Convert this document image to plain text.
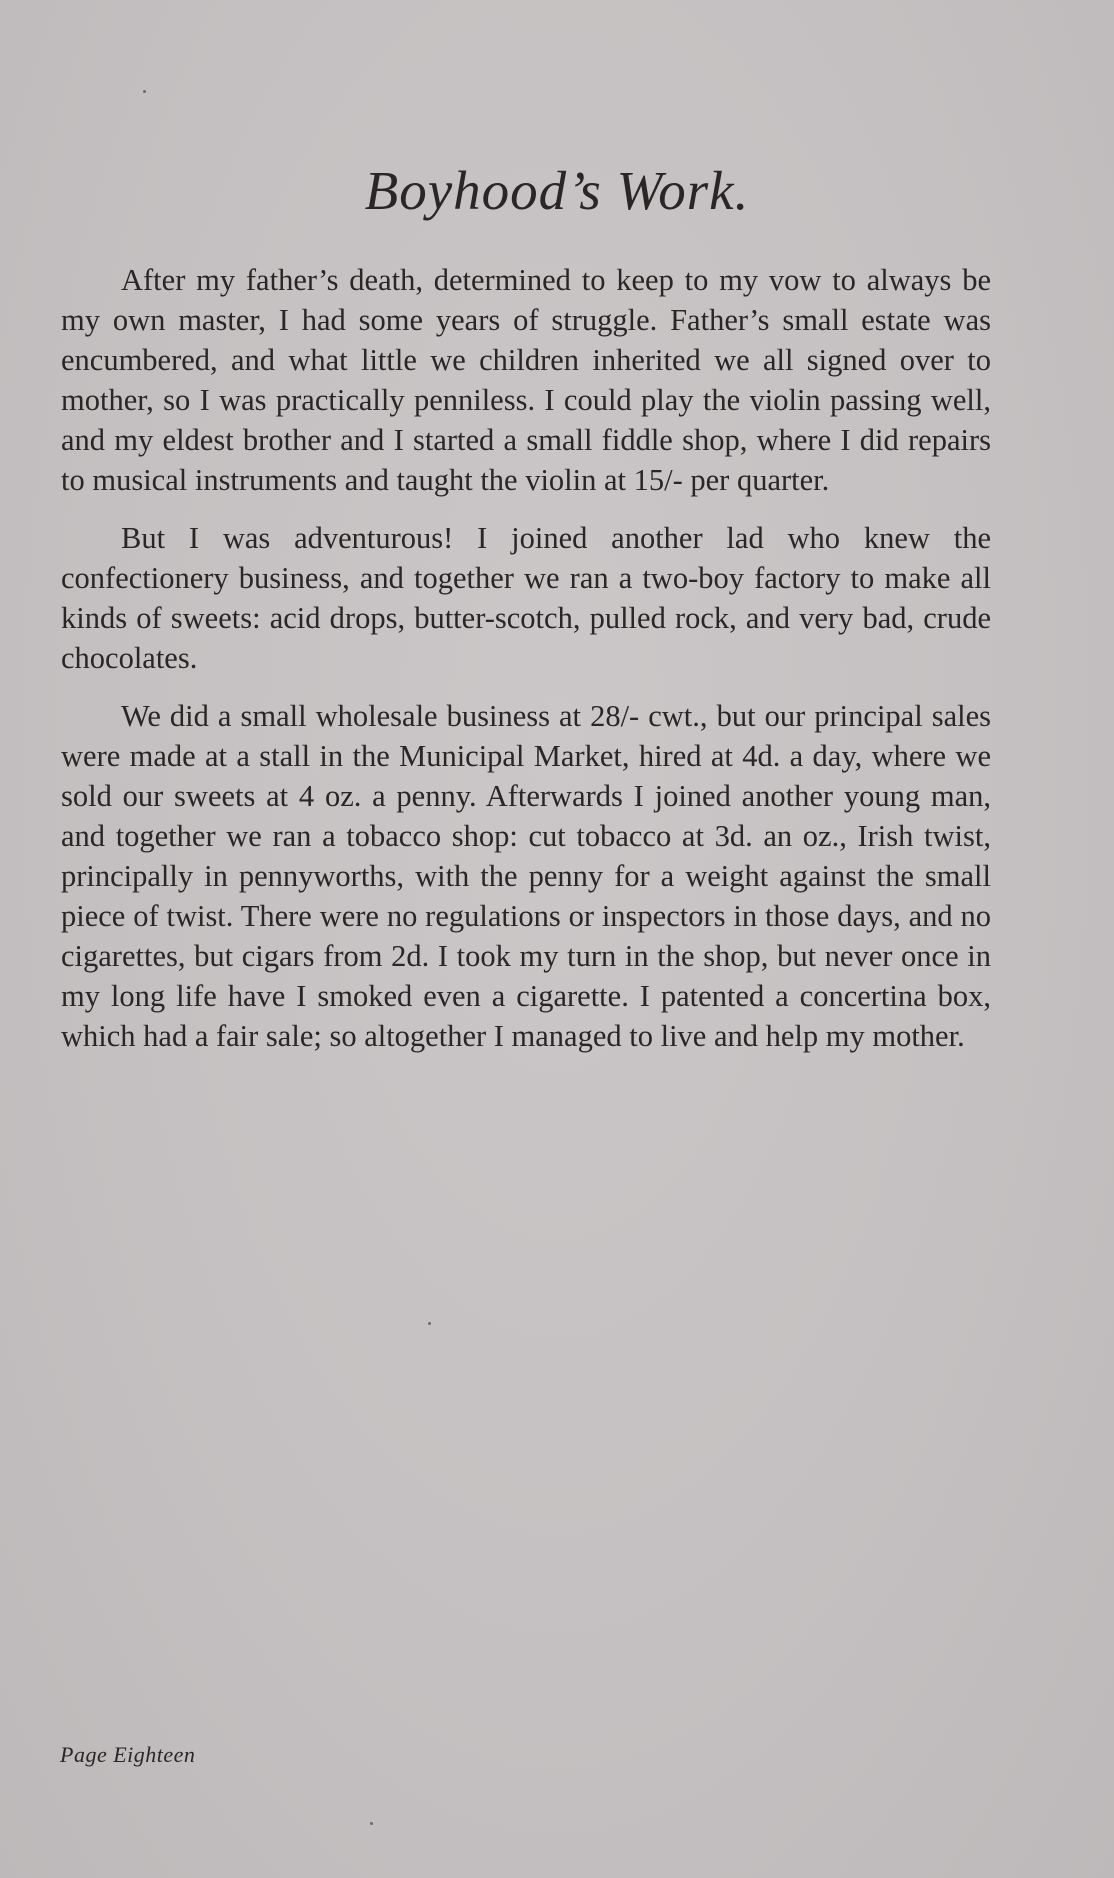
Boyhood’s Work.

After my father’s death, determined to keep to my vow to always be my own master, I had some years of struggle. Father’s small estate was encumbered, and what little we children inherited we all signed over to mother, so I was practically penniless. I could play the violin passing well, and my eldest brother and I started a small fiddle shop, where I did repairs to musical instruments and taught the violin at 15/- per quarter.

But I was adventurous! I joined another lad who knew the confectionery business, and together we ran a two-boy factory to make all kinds of sweets: acid drops, butter-scotch, pulled rock, and very bad, crude chocolates.

We did a small wholesale business at 28/- cwt., but our principal sales were made at a stall in the Municipal Market, hired at 4d. a day, where we sold our sweets at 4 oz. a penny. Afterwards I joined another young man, and together we ran a tobacco shop: cut tobacco at 3d. an oz., Irish twist, principally in pennyworths, with the penny for a weight against the small piece of twist. There were no regulations or inspectors in those days, and no cigarettes, but cigars from 2d. I took my turn in the shop, but never once in my long life have I smoked even a cigarette. I patented a concertina box, which had a fair sale; so altogether I managed to live and help my mother.

Page Eighteen
